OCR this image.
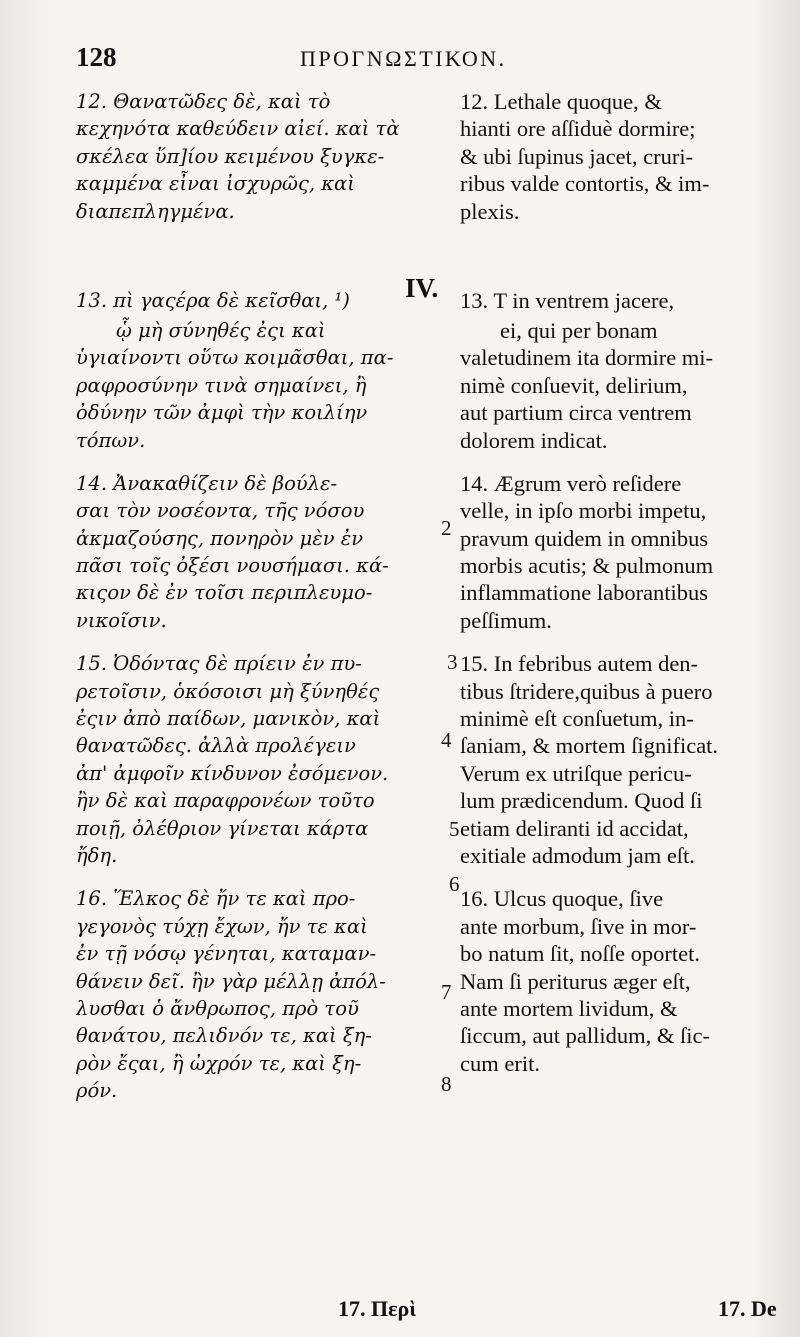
128	ΠΡΟΓΝΩΣΤΙΚΟΝ.
12. Θανατῶδες δὲ, καὶ τὸ
κεχηνότα καθεύδειν αἰεί. καὶ τὰ
σκέλεα ὕπ]ίου κειμένου ξυγκε-
καμμένα εἶναι ἰσχυρῶς, καὶ
διαπεπληγμένα.
13. πὶ γαςέρα δὲ κεῖσθαι, ¹)
ᾧ μὴ σύνηθές ἐςι καὶ
ὑγιαίνοντι οὕτω κοιμᾶσθαι, πα-
ραφροσύνην τινὰ σημαίνει, ἢ
ὀδύνην τῶν ἀμφὶ τὴν κοιλίην
τόπων.
14. Ἀνακαθίζειν δὲ βούλε-
σαι τὸν νοσέοντα, τῆς νόσου
ἀκμαζούσης, πονηρὸν μὲν ἐν
πᾶσι τοῖς ὀξέσι νουσήμασι. κά-
κιςον δὲ ἐν τοῖσι περιπλευμο-
νικοῖσιν.
15. Ὀδόντας δὲ πρίειν ἐν πυ-
ρετοῖσιν, ὁκόσοισι μὴ ξύνηθές
ἐςιν ἀπὸ παίδων, μανικὸν, καὶ
θανατῶδες. ἀλλὰ προλέγειν
ἀπ' ἀμφοῖν κίνδυνον ἐσόμενον.
ἢν δὲ καὶ παραφρονέων τοῦτο
ποιῇ, ὀλέθριον γίνεται κάρτα
ἤδη.
16. Ἕλκος δὲ ἤν τε καὶ προ-
γεγονὸς τύχῃ ἔχων, ἤν τε καὶ
ἐν τῇ νόσῳ γένηται, καταμαν-
θάνειν δεῖ. ἢν γὰρ μέλλῃ ἀπόλ-
λυσθαι ὁ ἄνθρωπος, πρὸ τοῦ
θανάτου, πελιδνόν τε, καὶ ξη-
ρὸν ἔςαι, ἢ ὠχρόν τε, καὶ ξη-
ρόν.
IV.
12. Lethale quoque, &
hianti ore aſſiduè dormire;
& ubi ſupinus jacet, cruri-
ribus valde contortis, & im-
plexis.
13. T in ventrem jacere,
ei, qui per bonam
valetudinem ita dormire mi-
nimè conſuevit, delirium,
aut partium circa ventrem
dolorem indicat.
14. Ægrum verò reſidere
velle, in ipſo morbi impetu,
pravum quidem in omnibus
morbis acutis; & pulmonum
inflammatione laborantibus
peſſimum.
15. In febribus autem den-
tibus ſtridere,quibus à puero
minimè eſt conſuetum, in-
ſaniam, & mortem ſignificat.
Verum ex utriſque pericu-
lum prædicendum. Quod ſi
etiam deliranti id accidat,
exitiale admodum jam eſt.
16. Ulcus quoque, ſive
ante morbum, ſive in mor-
bo natum ſit, noſſe oportet.
Nam ſi periturus æger eſt,
ante mortem lividum, &
ſiccum, aut pallidum, & ſic-
cum erit.
2
3
4
5
6
7
8
17. Περὶ	17. De
